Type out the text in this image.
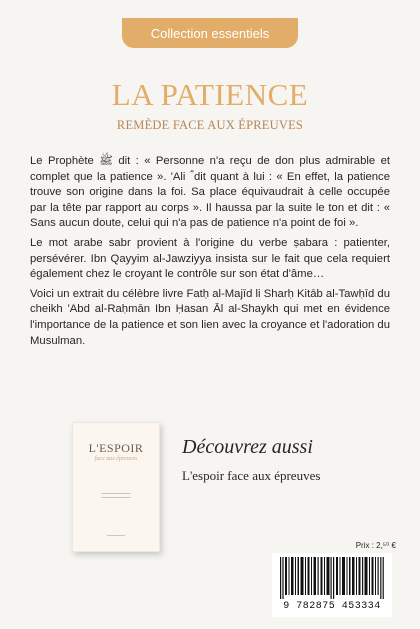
Collection essentiels
LA PATIENCE
REMÈDE FACE AUX ÉPREUVES

Le Prophète ﷺ dit : « Personne n'a reçu de don plus admirable et complet que la patience ». 'Ali ؓ dit quant à lui : « En effet, la patience trouve son origine dans la foi. Sa place équivaudrait à celle occupée par la tête par rapport au corps ». Il haussa par la suite le ton et dit : « Sans aucun doute, celui qui n'a pas de patience n'a point de foi ».

Le mot arabe sabr provient à l'origine du verbe ṣabara : patienter, persévérer. Ibn Qayyim al-Jawziyya insista sur le fait que cela requiert également chez le croyant le contrôle sur son état d'âme…

Voici un extrait du célèbre livre Fatḥ al-Majīd li Sharḥ Kitāb al-Tawḥīd du cheikh 'Abd al-Raḥmān Ibn Ḥasan Āl al-Shaykh qui met en évidence l'importance de la patience et son lien avec la croyance et l'adoration du Musulman.

L'ESPOIR
face aux épreuves
Découvrez aussi
L'espoir face aux épreuves
Prix : 2,⁵⁰ €
9 782875 453334
